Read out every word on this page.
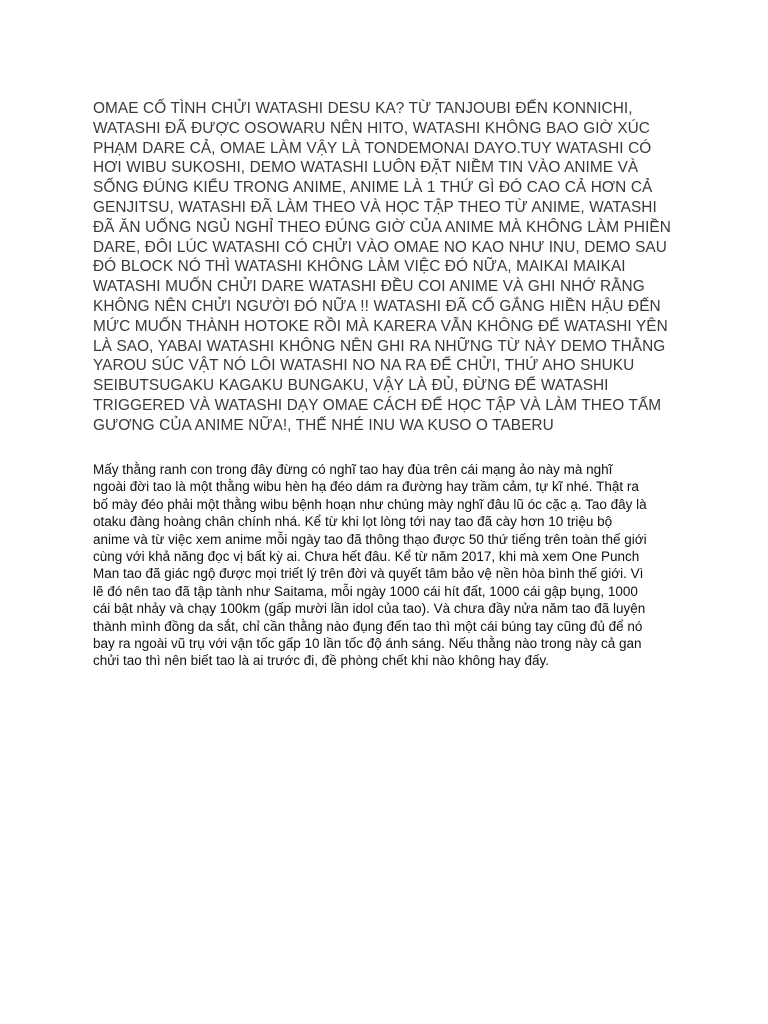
OMAE CỐ TÌNH CHỬI WATASHI DESU KA? TỪ TANJOUBI ĐẾN KONNICHI,
WATASHI ĐÃ ĐƯỢC OSOWARU NÊN HITO, WATASHI KHÔNG BAO GIỜ XÚC
PHẠM DARE CẢ, OMAE LÀM VẬY LÀ TONDEMONAI DAYO.TUY WATASHI CÓ
HƠI WIBU SUKOSHI, DEMO WATASHI LUÔN ĐẶT NIỀM TIN VÀO ANIME VÀ
SỐNG ĐÚNG KIỂU TRONG ANIME, ANIME LÀ 1 THỨ GÌ ĐÓ CAO CẢ HƠN CẢ
GENJITSU, WATASHI ĐÃ LÀM THEO VÀ HỌC TẬP THEO TỪ ANIME, WATASHI
ĐÃ ĂN UỐNG NGỦ NGHỈ THEO ĐÚNG GIỜ CỦA ANIME MÀ KHÔNG LÀM PHIỀN
DARE, ĐÔI LÚC WATASHI CÓ CHỬI VÀO OMAE NO KAO NHƯ INU, DEMO SAU
ĐÓ BLOCK NÓ THÌ WATASHI KHÔNG LÀM VIỆC ĐÓ NỮA, MAIKAI MAIKAI
WATASHI MUỐN CHỬI DARE WATASHI ĐỀU COI ANIME VÀ GHI NHỚ RẰNG
KHÔNG NÊN CHỬI NGƯỜI ĐÓ NỮA !! WATASHI ĐÃ CỐ GẮNG HIỀN HẬU ĐẾN
MỨC MUỐN THÀNH HOTOKE RỒI MÀ KARERA VẪN KHÔNG ĐỂ WATASHI YÊN
LÀ SAO, YABAI WATASHI KHÔNG NÊN GHI RA NHỮNG TỪ NÀY DEMO THẰNG
YAROU SÚC VẬT NÓ LÔI WATASHI NO NA RA ĐỂ CHỬI, THỨ AHO SHUKU
SEIBUTSUGAKU KAGAKU BUNGAKU, VẬY LÀ ĐỦ, ĐỪNG ĐỂ WATASHI
TRIGGERED VÀ WATASHI DẠY OMAE CÁCH ĐỂ HỌC TẬP VÀ LÀM THEO TẤM
GƯƠNG CỦA ANIME NỮA!, THẾ NHÉ INU WA KUSO O TABERU

Mấy thằng ranh con trong đây đừng có nghĩ tao hay đùa trên cái mạng ảo này mà nghĩ
ngoài đời tao là một thằng wibu hèn hạ đéo dám ra đường hay trầm cảm, tự kĩ nhé. Thật ra
bố mày đéo phải một thằng wibu bệnh hoạn như chúng mày nghĩ đâu lũ óc cặc ạ. Tao đây là
otaku đàng hoàng chân chính nhá. Kể từ khi lọt lòng tới nay tao đã cày hơn 10 triệu bộ
anime và từ việc xem anime mỗi ngày tao đã thông thạo được 50 thứ tiếng trên toàn thế giới
cùng với khả năng đọc vị bất kỳ ai. Chưa hết đâu. Kể từ năm 2017, khi mà xem One Punch
Man tao đã giác ngộ được mọi triết lý trên đời và quyết tâm bảo vệ nền hòa bình thế giới. Vì
lẽ đó nên tao đã tập tành như Saitama, mỗi ngày 1000 cái hít đất, 1000 cái gập bụng, 1000
cái bật nhảy và chạy 100km (gấp mười lần idol của tao). Và chưa đầy nửa năm tao đã luyện
thành mình đồng da sắt, chỉ cần thằng nào đụng đến tao thì một cái búng tay cũng đủ để nó
bay ra ngoài vũ trụ với vận tốc gấp 10 lần tốc độ ánh sáng. Nếu thằng nào trong này cả gan
chửi tao thì nên biết tao là ai trước đi, đề phòng chết khi nào không hay đấy.
